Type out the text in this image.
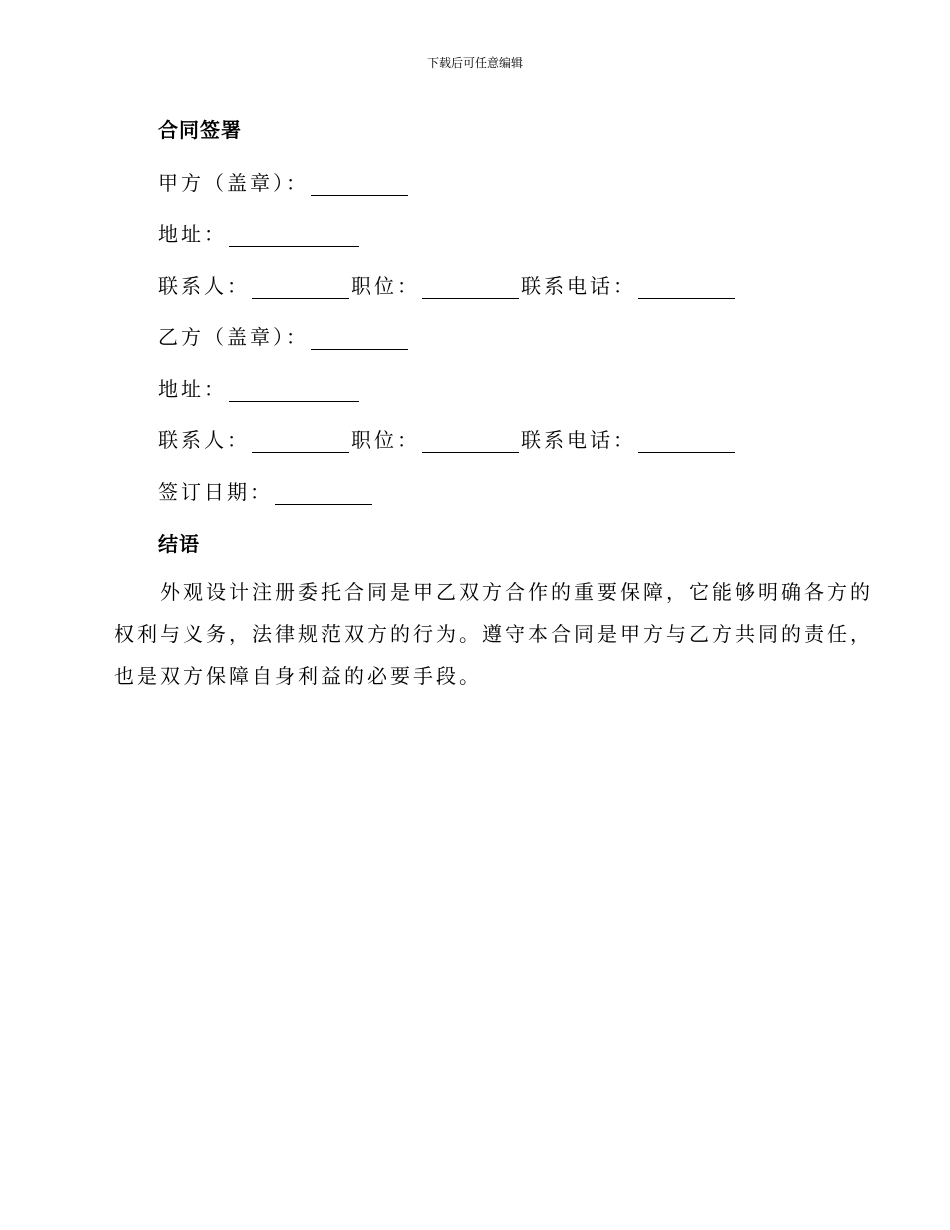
下载后可任意编辑
合同签署
甲方（盖章）：
地址：
联系人：	职位：	联系电话：
乙方（盖章）：
地址：
联系人：	职位：	联系电话：
签订日期：
结语

　　外观设计注册委托合同是甲乙双方合作的重要保障，它能够明确各方的

权利与义务，法律规范双方的行为。遵守本合同是甲方与乙方共同的责任，

也是双方保障自身利益的必要手段。
